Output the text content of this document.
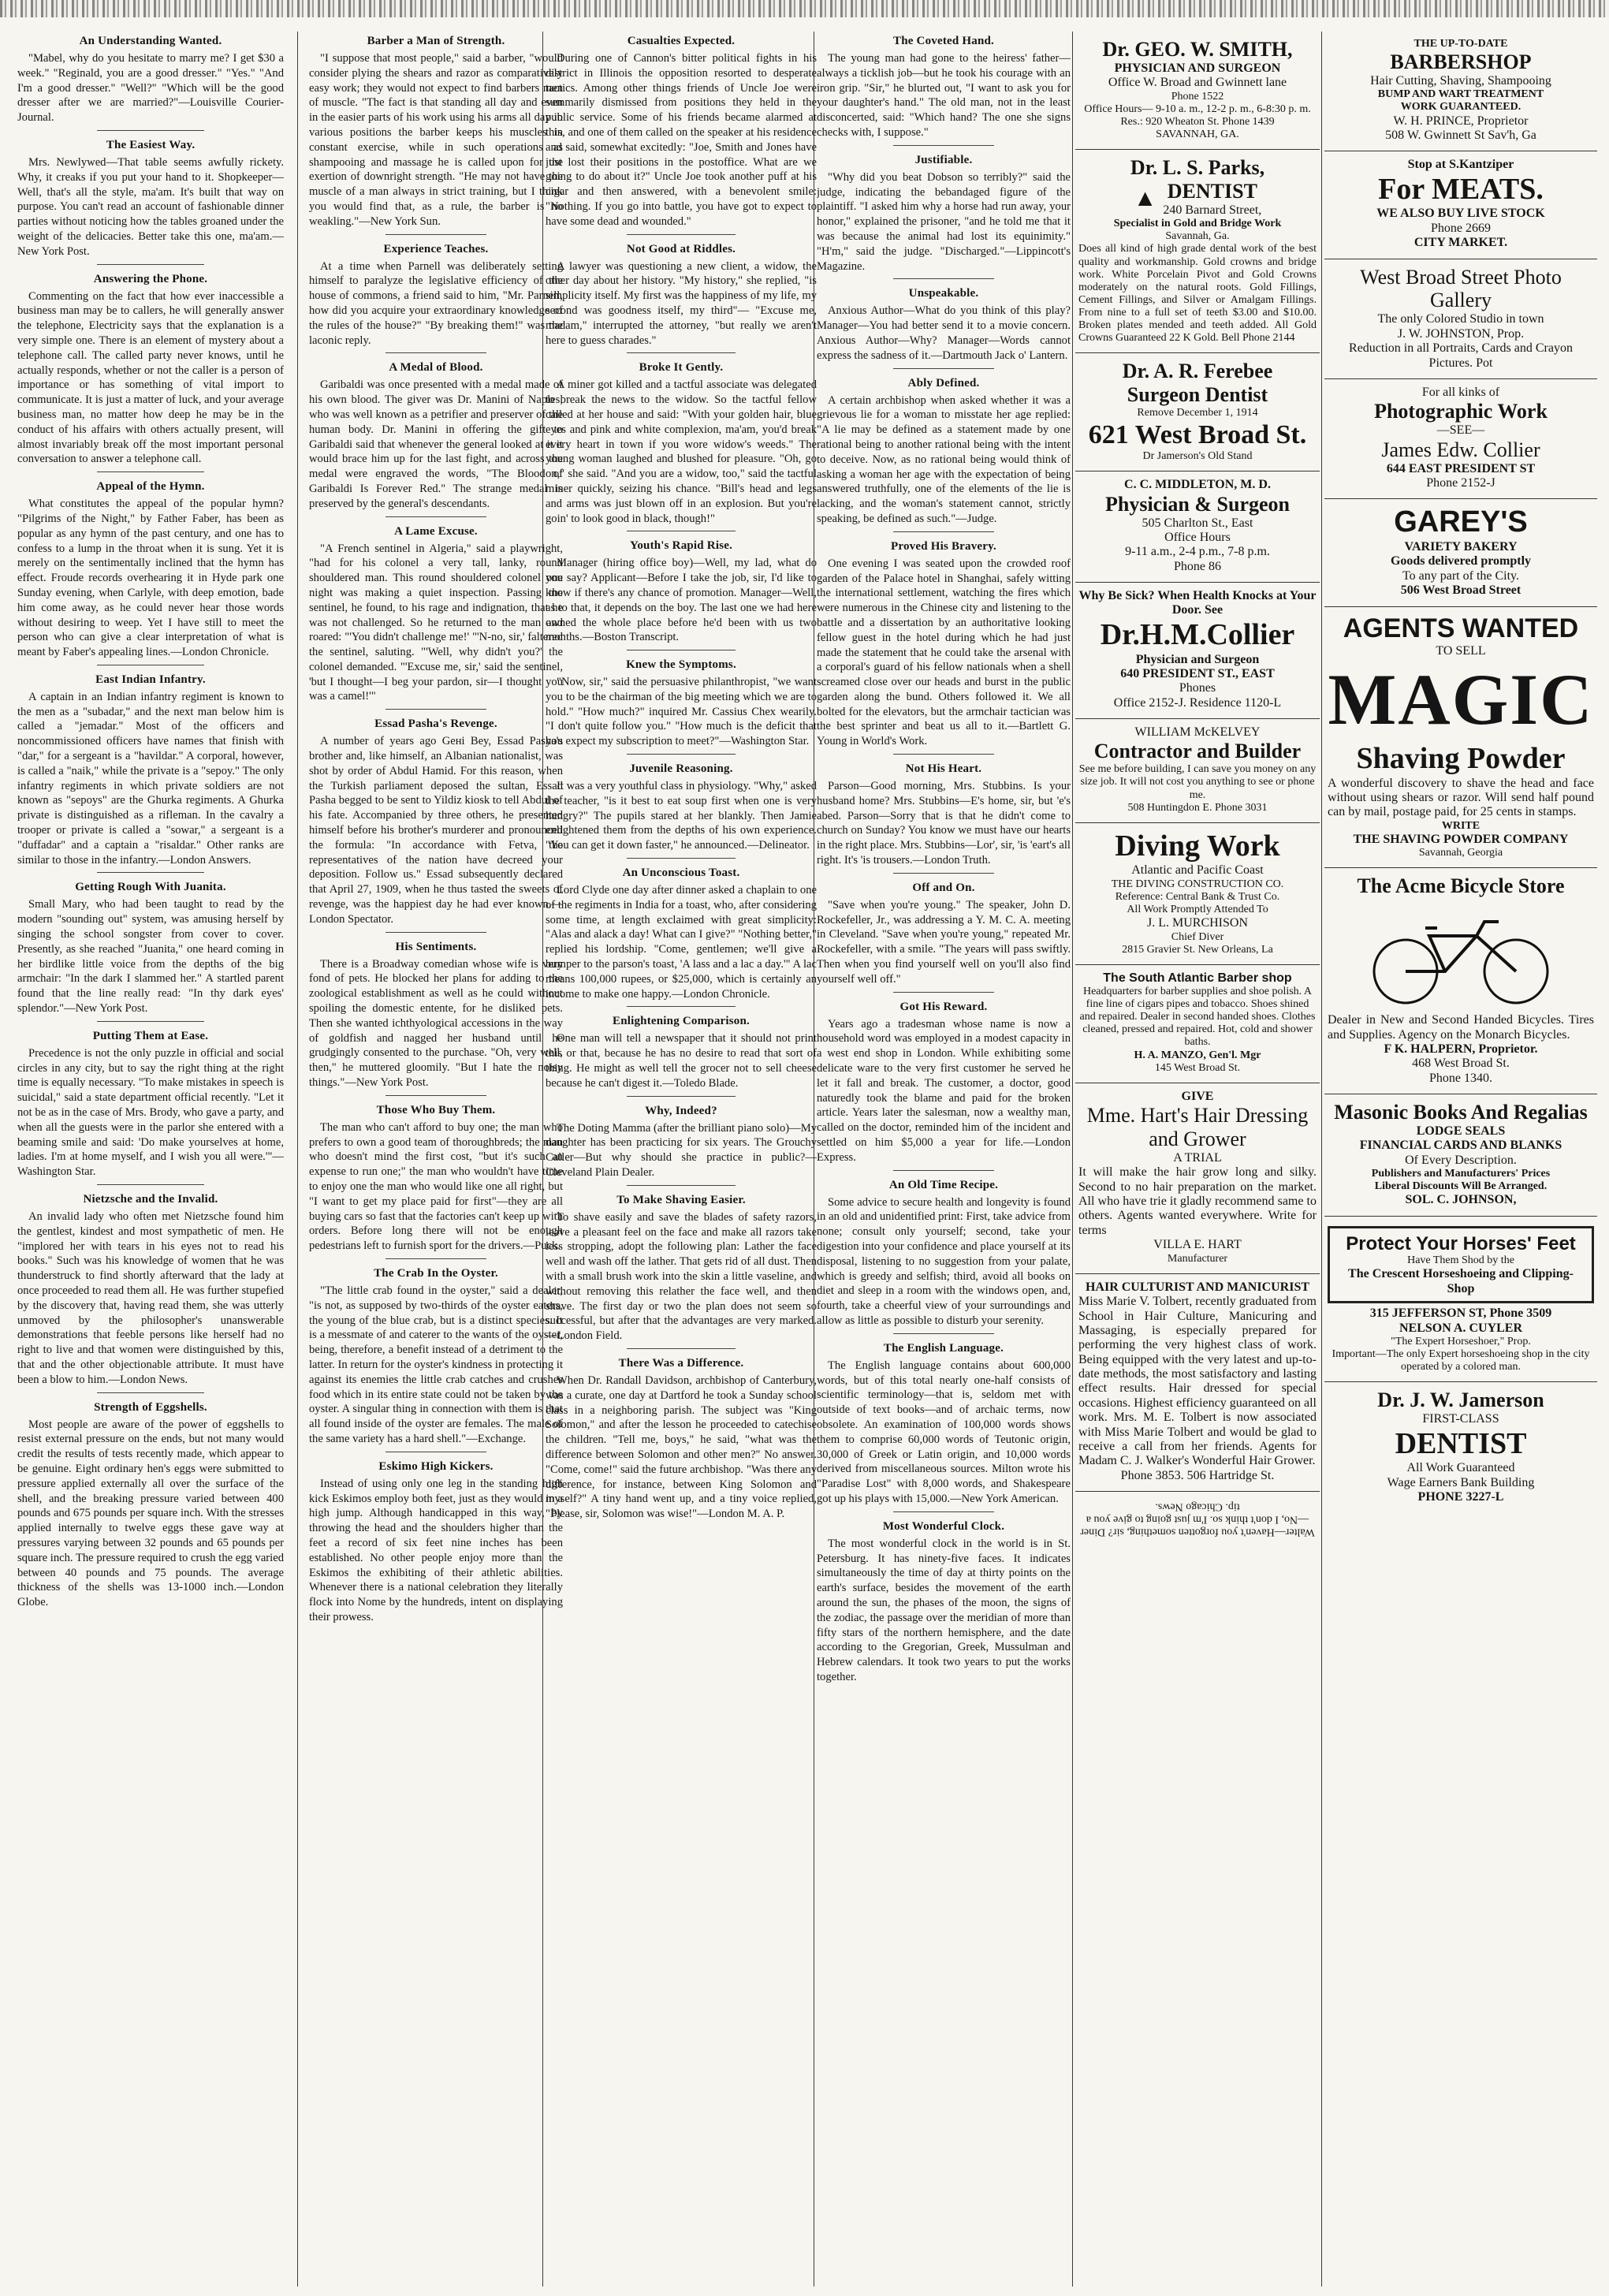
An Understanding Wanted.

"Mabel, why do you hesitate to marry me? I get $30 a week." "Reginald, you are a good dresser." "Yes." "And I'm a good dresser." "Well?" "Which will be the good dresser after we are married?"—Louisville Courier-Journal.

The Easiest Way.

Mrs. Newlywed—That table seems awfully rickety. Why, it creaks if you put your hand to it. Shopkeeper—Well, that's all the style, ma'am. It's built that way on purpose. You can't read an account of fashionable dinner parties without noticing how the tables groaned under the weight of the delicacies. Better take this one, ma'am.—New York Post.

Answering the Phone.

Commenting on the fact that how ever inaccessible a business man may be to callers, he will generally answer the telephone, Electricity says that the explanation is a very simple one. There is an element of mystery about a telephone call. The called party never knows, until he actually responds, whether or not the caller is a person of importance or has something of vital import to communicate. It is just a matter of luck, and your average business man, no matter how deep he may be in the conduct of his affairs with others actually present, will almost invariably break off the most important personal conversation to answer a telephone call.

Appeal of the Hymn.

What constitutes the appeal of the popular hymn? "Pilgrims of the Night," by Father Faber, has been as popular as any hymn of the past century, and one has to confess to a lump in the throat when it is sung. Yet it is merely on the sentimentally inclined that the hymn has effect. Froude records overhearing it in Hyde park one Sunday evening, when Carlyle, with deep emotion, bade him come away, as he could never hear those words without desiring to weep. Yet I have still to meet the person who can give a clear interpretation of what is meant by Faber's appealing lines.—London Chronicle.

East Indian Infantry.

A captain in an Indian infantry regiment is known to the men as a "subadar," and the next man below him is called a "jemadar." Most of the officers and noncommissioned officers have names that finish with "dar," for a sergeant is a "havildar." A corporal, however, is called a "naik," while the private is a "sepoy." The only infantry regiments in which private soldiers are not known as "sepoys" are the Ghurka regiments. A Ghurka private is distinguished as a rifleman. In the cavalry a trooper or private is called a "sowar," a sergeant is a "duffadar" and a captain a "risaldar." Other ranks are similar to those in the infantry.—London Answers.

Getting Rough With Juanita.

Small Mary, who had been taught to read by the modern "sounding out" system, was amusing herself by singing the school songster from cover to cover. Presently, as she reached "Juanita," one heard coming in her birdlike little voice from the depths of the big armchair: "In the dark I slammed her." A startled parent found that the line really read: "In thy dark eyes' splendor."—New York Post.

Putting Them at Ease.

Precedence is not the only puzzle in official and social circles in any city, but to say the right thing at the right time is equally necessary. "To make mistakes in speech is suicidal," said a state department official recently. "Let it not be as in the case of Mrs. Brody, who gave a party, and when all the guests were in the parlor she entered with a beaming smile and said: 'Do make yourselves at home, ladies. I'm at home myself, and I wish you all were.'"—Washington Star.

Nietzsche and the Invalid.

An invalid lady who often met Nietzsche found him the gentlest, kindest and most sympathetic of men. He "implored her with tears in his eyes not to read his books." Such was his knowledge of women that he was thunderstruck to find shortly afterward that the lady at once proceeded to read them all. He was further stupefied by the discovery that, having read them, she was utterly unmoved by the philosopher's unanswerable demonstrations that feeble persons like herself had no right to live and that women were distinguished by this, that and the other objectionable attribute. It must have been a blow to him.—London News.

Strength of Eggshells.

Most people are aware of the power of eggshells to resist external pressure on the ends, but not many would credit the results of tests recently made, which appear to be genuine. Eight ordinary hen's eggs were submitted to pressure applied externally all over the surface of the shell, and the breaking pressure varied between 400 pounds and 675 pounds per square inch. With the stresses applied internally to twelve eggs these gave way at pressures varying between 32 pounds and 65 pounds per square inch. The pressure required to crush the egg varied between 40 pounds and 75 pounds. The average thickness of the shells was 13-1000 inch.—London Globe.

Barber a Man of Strength.

"I suppose that most people," said a barber, "would consider plying the shears and razor as comparatively easy work; they would not expect to find barbers men of muscle. "The fact is that standing all day and even in the easier parts of his work using his arms all day in various positions the barber keeps his muscles in constant exercise, while in such operations as shampooing and massage he is called upon for the exertion of downright strength. "He may not have the muscle of a man always in strict training, but I think you would find that, as a rule, the barber is no weakling."—New York Sun.

Experience Teaches.

At a time when Parnell was deliberately setting himself to paralyze the legislative efficiency of the house of commons, a friend said to him, "Mr. Parnell, how did you acquire your extraordinary knowledge of the rules of the house?" "By breaking them!" was the laconic reply.

A Medal of Blood.

Garibaldi was once presented with a medal made of his own blood. The giver was Dr. Manini of Naples, who was well known as a petrifier and preserver of the human body. Dr. Manini in offering the gift to Garibaldi said that whenever the general looked at it it would brace him up for the last fight, and across the medal were engraved the words, "The Blood of Garibaldi Is Forever Red." The strange medal is preserved by the general's descendants.

A Lame Excuse.

"A French sentinel in Algeria," said a playwright, "had for his colonel a very tall, lanky, round shouldered man. This round shouldered colonel one night was making a quiet inspection. Passing the sentinel, he found, to his rage and indignation, that he was not challenged. So he returned to the man and roared: "'You didn't challenge me!' "'N-no, sir,' faltered the sentinel, saluting. "'Well, why didn't you?' the colonel demanded. "'Excuse me, sir,' said the sentinel, 'but I thought—I beg your pardon, sir—I thought you was a camel!'"

Essad Pasha's Revenge.

A number of years ago Gені Bey, Essad Pasha's brother and, like himself, an Albanian nationalist, was shot by order of Abdul Hamid. For this reason, when the Turkish parliament deposed the sultan, Essad Pasha begged to be sent to Yildiz kiosk to tell Abdul of his fate. Accompanied by three others, he presented himself before his brother's murderer and pronounced the formula: "In accordance with Fetva, the representatives of the nation have decreed your deposition. Follow us." Essad subsequently declared that April 27, 1909, when he thus tasted the sweets of revenge, was the happiest day he had ever known.—London Spectator.

His Sentiments.

There is a Broadway comedian whose wife is very fond of pets. He blocked her plans for adding to the zoological establishment as well as he could without spoiling the domestic entente, for he disliked pets. Then she wanted ichthyological accessions in the way of goldfish and nagged her husband until he grudgingly consented to the purchase. "Oh, very well, then," he muttered gloomily. "But I hate the noisy things."—New York Post.

Those Who Buy Them.

The man who can't afford to buy one; the man who prefers to own a good team of thoroughbreds; the man who doesn't mind the first cost, "but it's such an expense to run one;" the man who wouldn't have time to enjoy one the man who would like one all right, but "I want to get my place paid for first"—they are all buying cars so fast that the factories can't keep up with orders. Before long there will not be enough pedestrians left to furnish sport for the drivers.—Puck.

The Crab In the Oyster.

"The little crab found in the oyster," said a dealer, "is not, as supposed by two-thirds of the oyster eaters, the young of the blue crab, but is a distinct species. It is a messmate of and caterer to the wants of the oyster, being, therefore, a benefit instead of a detriment to the latter. In return for the oyster's kindness in protecting it against its enemies the little crab catches and crushes food which in its entire state could not be taken by the oyster. A singular thing in connection with them is that all found inside of the oyster are females. The male of the same variety has a hard shell."—Exchange.

Eskimo High Kickers.

Instead of using only one leg in the standing high kick Eskimos employ both feet, just as they would in a high jump. Although handicapped in this way, by throwing the head and the shoulders higher than the feet a record of six feet nine inches has been established. No other people enjoy more than the Eskimos the exhibiting of their athletic abilities. Whenever there is a national celebration they literally flock into Nome by the hundreds, intent on displaying their prowess.

Casualties Expected.

During one of Cannon's bitter political fights in his district in Illinois the opposition resorted to desperate tactics. Among other things friends of Uncle Joe were summarily dismissed from positions they held in the public service. Some of his friends became alarmed at this, and one of them called on the speaker at his residence and said, somewhat excitedly: "Joe, Smith and Jones have just lost their positions in the postoffice. What are we going to do about it?" Uncle Joe took another puff at his cigar and then answered, with a benevolent smile: "Nothing. If you go into battle, you have got to expect to have some dead and wounded."

Not Good at Riddles.

A lawyer was questioning a new client, a widow, the other day about her history. "My history," she replied, "is simplicity itself. My first was the happiness of my life, my second was goodness itself, my third"— "Excuse me, madam," interrupted the attorney, "but really we aren't here to guess charades."

Broke It Gently.

A miner got killed and a tactful associate was delegated to break the news to the widow. So the tactful fellow called at her house and said: "With your golden hair, blue eyes and pink and white complexion, ma'am, you'd break every heart in town if you wore widow's weeds." The young woman laughed and blushed for pleasure. "Oh, go on," she said. "And you are a widow, too," said the tactful miner quickly, seizing his chance. "Bill's head and legs and arms was just blown off in an explosion. But you're goin' to look good in black, though!"

Youth's Rapid Rise.

Manager (hiring office boy)—Well, my lad, what do you say? Applicant—Before I take the job, sir, I'd like to know if there's any chance of promotion. Manager—Well, as to that, it depends on the boy. The last one we had here owned the whole place before he'd been with us two months.—Boston Transcript.

Knew the Symptoms.

"Now, sir," said the persuasive philanthropist, "we want you to be the chairman of the big meeting which we are to hold." "How much?" inquired Mr. Cassius Chex wearily. "I don't quite follow you." "How much is the deficit that you expect my subscription to meet?"—Washington Star.

Juvenile Reasoning.

It was a very youthful class in physiology. "Why," asked the teacher, "is it best to eat soup first when one is very hungry?" The pupils stared at her blankly. Then Jamie enlightened them from the depths of his own experience. "You can get it down faster," he announced.—Delineator.

An Unconscious Toast.

Lord Clyde one day after dinner asked a chaplain to one of the regiments in India for a toast, who, after considering some time, at length exclaimed with great simplicity: "Alas and alack a day! What can I give?" "Nothing better," replied his lordship. "Come, gentlemen; we'll give a bumper to the parson's toast, 'A lass and a lac a day.'" A lac means 100,000 rupees, or $25,000, which is certainly an income to make one happy.—London Chronicle.

Enlightening Comparison.

One man will tell a newspaper that it should not print this or that, because he has no desire to read that sort of thing. He might as well tell the grocer not to sell cheese because he can't digest it.—Toledo Blade.

Why, Indeed?

The Doting Mamma (after the brilliant piano solo)—My daughter has been practicing for six years. The Grouchy Caller—But why should she practice in public?—Cleveland Plain Dealer.

To Make Shaving Easier.

To shave easily and save the blades of safety razors, leave a pleasant feel on the face and make all razors take less stropping, adopt the following plan: Lather the face well and wash off the lather. That gets rid of all dust. Then with a small brush work into the skin a little vaseline, and without removing this relather the face well, and then shave. The first day or two the plan does not seem so successful, but after that the advantages are very marked.—London Field.

There Was a Difference.

When Dr. Randall Davidson, archbishop of Canterbury, was a curate, one day at Dartford he took a Sunday school class in a neighboring parish. The subject was "King Solomon," and after the lesson he proceeded to catechise the children. "Tell me, boys," he said, "what was the difference between Solomon and other men?" No answer. "Come, come!" said the future archbishop. "Was there any difference, for instance, between King Solomon and myself?" A tiny hand went up, and a tiny voice replied, "Please, sir, Solomon was wise!"—London M. A. P.

The Coveted Hand.

The young man had gone to the heiress' father—always a ticklish job—but he took his courage with an iron grip. "Sir," he blurted out, "I want to ask you for your daughter's hand." The old man, not in the least disconcerted, said: "Which hand? The one she signs checks with, I suppose."

Justifiable.

"Why did you beat Dobson so terribly?" said the judge, indicating the bebandaged figure of the plaintiff. "I asked him why a horse had run away, your honor," explained the prisoner, "and he told me that it was because the animal had lost its equinimity." "H'm," said the judge. "Discharged."—Lippincott's Magazine.

Unspeakable.

Anxious Author—What do you think of this play? Manager—You had better send it to a movie concern. Anxious Author—Why? Manager—Words cannot express the sadness of it.—Dartmouth Jack o' Lantern.

Ably Defined.

A certain archbishop when asked whether it was a grievous lie for a woman to misstate her age replied: "A lie may be defined as a statement made by one rational being to another rational being with the intent to deceive. Now, as no rational being would think of asking a woman her age with the expectation of being answered truthfully, one of the elements of the lie is lacking, and the woman's statement cannot, strictly speaking, be defined as such."—Judge.

Proved His Bravery.

One evening I was seated upon the crowded roof garden of the Palace hotel in Shanghai, safely witting the international settlement, watching the fires which were numerous in the Chinese city and listening to the battle and a dissertation by an authoritative looking fellow guest in the hotel during which he had just made the statement that he could take the arsenal with a corporal's guard of his fellow nationals when a shell screamed close over our heads and burst in the public garden along the bund. Others followed it. We all bolted for the elevators, but the armchair tactician was the best sprinter and beat us all to it.—Bartlett G. Young in World's Work.

Not His Heart.

Parson—Good morning, Mrs. Stubbins. Is your husband home? Mrs. Stubbins—E's home, sir, but 'e's abed. Parson—Sorry that is that he didn't come to church on Sunday? You know we must have our hearts in the right place. Mrs. Stubbins—Lor', sir, 'is 'eart's all right. It's 'is trousers.—London Truth.

Off and On.

"Save when you're young." The speaker, John D. Rockefeller, Jr., was addressing a Y. M. C. A. meeting in Cleveland. "Save when you're young," repeated Mr. Rockefeller, with a smile. "The years will pass swiftly. Then when you find yourself well on you'll also find yourself well off."

Got His Reward.

Years ago a tradesman whose name is now a household word was employed in a modest capacity in a west end shop in London. While exhibiting some delicate ware to the very first customer he served he let it fall and break. The customer, a doctor, good naturedly took the blame and paid for the broken article. Years later the salesman, now a wealthy man, called on the doctor, reminded him of the incident and settled on him $5,000 a year for life.—London Express.

An Old Time Recipe.

Some advice to secure health and longevity is found in an old and unidentified print: First, take advice from none; consult only yourself; second, take your digestion into your confidence and place yourself at its disposal, listening to no suggestion from your palate, which is greedy and selfish; third, avoid all books on diet and sleep in a room with the windows open, and, fourth, take a cheerful view of your surroundings and allow as little as possible to disturb your serenity.

The English Language.

The English language contains about 600,000 words, but of this total nearly one-half consists of scientific terminology—that is, seldom met with outside of text books—and of archaic terms, now obsolete. An examination of 100,000 words shows them to comprise 60,000 words of Teutonic origin, 30,000 of Greek or Latin origin, and 10,000 words derived from miscellaneous sources. Milton wrote his "Paradise Lost" with 8,000 words, and Shakespeare got up his plays with 15,000.—New York American.

Most Wonderful Clock.

The most wonderful clock in the world is in St. Petersburg. It has ninety-five faces. It indicates simultaneously the time of day at thirty points on the earth's surface, besides the movement of the earth around the sun, the phases of the moon, the signs of the zodiac, the passage over the meridian of more than fifty stars of the northern hemisphere, and the date according to the Gregorian, Greek, Mussulman and Hebrew calendars. It took two years to put the works together.

Dr. GEO. W. SMITH,
PHYSICIAN AND SURGEON
Office W. Broad and Gwinnett lane
Phone 1522
Office Hours— 9-10 a. m., 12-2 p. m., 6-8:30 p. m.
Res.: 920 Wheaton St. Phone 1439
SAVANNAH, GA.
Dr. L. S. Parks,
▲ DENTIST
240 Barnard Street,
Specialist in Gold and Bridge Work
Savannah, Ga.
Does all kind of high grade dental work of the best quality and workmanship. Gold crowns and bridge work. White Porcelain Pivot and Gold Crowns moderately on the natural roots. Gold Fillings, Cement Fillings, and Silver or Amalgam Fillings. From nine to a full set of teeth $3.00 and $10.00. Broken plates mended and teeth added. All Gold Crowns Guaranteed 22 K Gold. Bell Phone 2144
Dr. A. R. Ferebee
Surgeon Dentist
Remove December 1, 1914
621 West Broad St.
Dr Jamerson's Old Stand
C. C. MIDDLETON, M. D.
Physician & Surgeon
505 Charlton St., East
Office Hours
9-11 a.m., 2-4 p.m., 7-8 p.m.
Phone 86
Why Be Sick? When Health Knocks at Your Door. See
Dr.H.M.Collier
Physician and Surgeon
640 PRESIDENT ST., EAST
Phones
Office 2152-J. Residence 1120-L
WILLIAM McKELVEY
Contractor and Builder
See me before building, I can save you money on any size job. It will not cost you anything to see or phone me.
508 Huntingdon E. Phone 3031
Diving Work
Atlantic and Pacific Coast
THE DIVING CONSTRUCTION CO.
Reference: Central Bank & Trust Co.
All Work Promptly Attended To
J. L. MURCHISON
Chief Diver
2815 Gravier St. New Orleans, La
The South Atlantic Barber shop
Headquarters for barber supplies and shoe polish. A fine line of cigars pipes and tobacco. Shoes shined and repaired. Dealer in second handed shoes. Clothes cleaned, pressed and repaired. Hot, cold and shower baths.
H. A. MANZO, Gen'l. Mgr
145 West Broad St.
GIVE
Mme. Hart's Hair Dressing and Grower
A TRIAL
It will make the hair grow long and silky. Second to no hair preparation on the market. All who have trie it gladly recommend same to others. Agents wanted everywhere. Write for terms
VILLA E. HART
Manufacturer
HAIR CULTURIST AND MANICURIST
Miss Marie V. Tolbert, recently graduated from School in Hair Culture, Manicuring and Massaging, is especially prepared for performing the very highest class of work. Being equipped with the very latest and up-to-date methods, the most satisfactory and lasting effect results. Hair dressed for special occasions. Highest efficiency guaranteed on all work. Mrs. M. E. Tolbert is now associated with Miss Marie Tolbert and would be glad to receive a call from her friends. Agents for Madam C. J. Walker's Wonderful Hair Grower.
Phone 3853. 506 Hartridge St.
Walter—Haven't you forgotten something, sir? Diner—No, I don't think so. I'm just going to give you a tip. Chicago News.
THE UP-TO-DATE
BARBERSHOP
Hair Cutting, Shaving, Shampooing
BUMP AND WART TREATMENT
WORK GUARANTEED.
W. H. PRINCE, Proprietor
508 W. Gwinnett St Sav'h, Ga
Stop at S.Kantziper
For MEATS.
WE ALSO BUY LIVE STOCK
Phone 2669
CITY MARKET.
West Broad Street Photo Gallery
The only Colored Studio in town
J. W. JOHNSTON, Prop.
Reduction in all Portraits, Cards and Crayon Pictures. Pot
For all kinks of
Photographic Work
—SEE—
James Edw. Collier
644 EAST PRESIDENT ST
Phone 2152-J
GAREY'S
VARIETY BAKERY
Goods delivered promptly
To any part of the City.
506 West Broad Street
AGENTS WANTED
TO SELL
MAGIC
Shaving Powder
A wonderful discovery to shave the head and face without using shears or razor. Will send half pound can by mail, postage paid, for 25 cents in stamps.
WRITE
THE SHAVING POWDER COMPANY
Savannah, Georgia
The Acme Bicycle Store
Dealer in New and Second Handed Bicycles. Tires and Supplies. Agency on the Monarch Bicycles.
F K. HALPERN, Proprietor.
468 West Broad St.
Phone 1340.
Masonic Books And Regalias
LODGE SEALS
FINANCIAL CARDS AND BLANKS
Of Every Description.
Publishers and Manufacturers' Prices
Liberal Discounts Will Be Arranged.
SOL. C. JOHNSON,
Protect Your Horses' Feet
Have Them Shod by the
The Crescent Horseshoeing and Clipping-Shop
315 JEFFERSON ST, Phone 3509
NELSON A. CUYLER
"The Expert Horseshoer," Prop.
Important—The only Expert horseshoeing shop in the city operated by a colored man.
Dr. J. W. Jamerson
FIRST-CLASS
DENTIST
All Work Guaranteed
Wage Earners Bank Building
PHONE 3227-L
